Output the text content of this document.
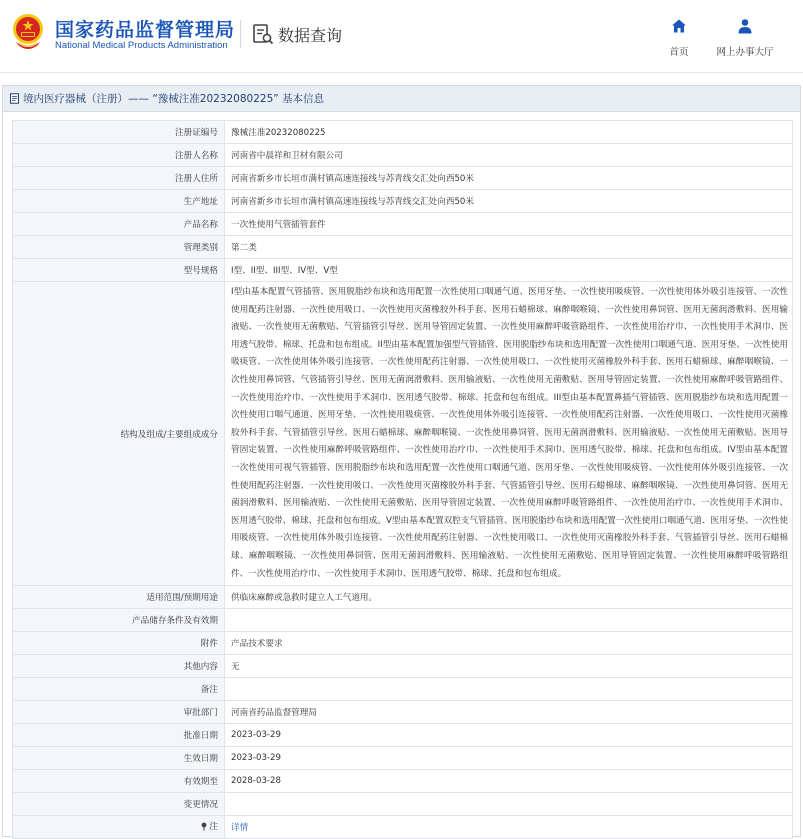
国家药品监督管理局
National Medical Products Administration
数据查询
首页	网上办事大厅
境内医疗器械（注册）—— “豫械注准20232080225” 基本信息
注册证编号	豫械注准20232080225
注册人名称	河南省中晨祥和卫材有限公司
注册人住所	河南省新乡市长垣市满村镇高速连接线与苏青线交汇处向西50米
生产地址	河南省新乡市长垣市满村镇高速连接线与苏青线交汇处向西50米
产品名称	一次性使用气管插管套件
管理类别	第二类
型号规格	I型、II型、III型、IV型、V型
结构及组成/主要组成成分	I型由基本配置气管插管、医用脱脂纱布块和选用配置一次性使用口咽通气道、医用牙垫、一次性使用吸痰管、一次性使用体外吸引连接管、一次性使用配药注射器、一次性使用吸口、一次性使用灭菌橡胶外科手套、医用石蜡棉球、麻醉咽喉镜、一次性使用鼻饲管、医用无菌润滑敷料、医用输液贴、一次性使用无菌敷贴、气管插管引导丝、医用导管固定装置、一次性使用麻醉呼吸管路组件、一次性使用治疗巾、一次性使用手术洞巾、医用透气胶带、棉球、托盘和包布组成。II型由基本配置加强型气管插管、医用脱脂纱布块和选用配置一次性使用口咽通气道、医用牙垫、一次性使用吸痰管、一次性使用体外吸引连接管、一次性使用配药注射器、一次性使用吸口、一次性使用灭菌橡胶外科手套、医用石蜡棉球、麻醉咽喉镜、一次性使用鼻饲管、气管插管引导丝、医用无菌润滑敷料、医用输液贴、一次性使用无菌敷贴、医用导管固定装置、一次性使用麻醉呼吸管路组件、一次性使用治疗巾、一次性使用手术洞巾、医用透气胶带、棉球、托盘和包布组成。III型由基本配置鼻插气管插管、医用脱脂纱布块和选用配置一次性使用口咽气通道、医用牙垫、一次性使用吸痰管、一次性使用体外吸引连接管、一次性使用配药注射器、一次性使用吸口、一次性使用灭菌橡胶外科手套、气管插管引导丝、医用石蜡棉球、麻醉咽喉镜、一次性使用鼻饲管、医用无菌润滑敷料、医用输液贴、一次性使用无菌敷贴、医用导管固定装置、一次性使用麻醉呼吸管路组件、一次性使用治疗巾、一次性使用手术洞巾、医用透气胶带、棉球、托盘和包布组成。IV型由基本配置一次性使用可视气管插管、医用脱脂纱布块和选用配置一次性使用口咽通气道、医用牙垫、一次性使用吸痰管、一次性使用体外吸引连接管、一次性使用配药注射器、一次性使用吸口、一次性使用灭菌橡胶外科手套、气管插管引导丝、医用石蜡棉球、麻醉咽喉镜、一次性使用鼻饲管、医用无菌润滑敷料、医用输液贴、一次性使用无菌敷贴、医用导管固定装置、一次性使用麻醉呼吸管路组件、一次性使用治疗巾、一次性使用手术洞巾、医用透气胶带、棉球、托盘和包布组成。V型由基本配置双腔支气管插管、医用脱脂纱布块和选用配置一次性使用口咽通气道、医用牙垫、一次性使用吸痰管、一次性使用体外吸引连接管、一次性使用配药注射器、一次性使用吸口、一次性使用灭菌橡胶外科手套、气管插管引导丝、医用石蜡棉球、麻醉咽喉镜、一次性使用鼻饲管、医用无菌润滑敷料、医用输液贴、一次性使用无菌敷贴、医用导管固定装置、一次性使用麻醉呼吸管路组件、一次性使用治疗巾、一次性使用手术洞巾、医用透气胶带、棉球、托盘和包布组成。
适用范围/预期用途	供临床麻醉或急救时建立人工气道用。
产品储存条件及有效期	
附件	产品技术要求
其他内容	无
备注	
审批部门	河南省药品监督管理局
批准日期	2023-03-29
生效日期	2023-03-29
有效期至	2028-03-28
变更情况	

注	详情
